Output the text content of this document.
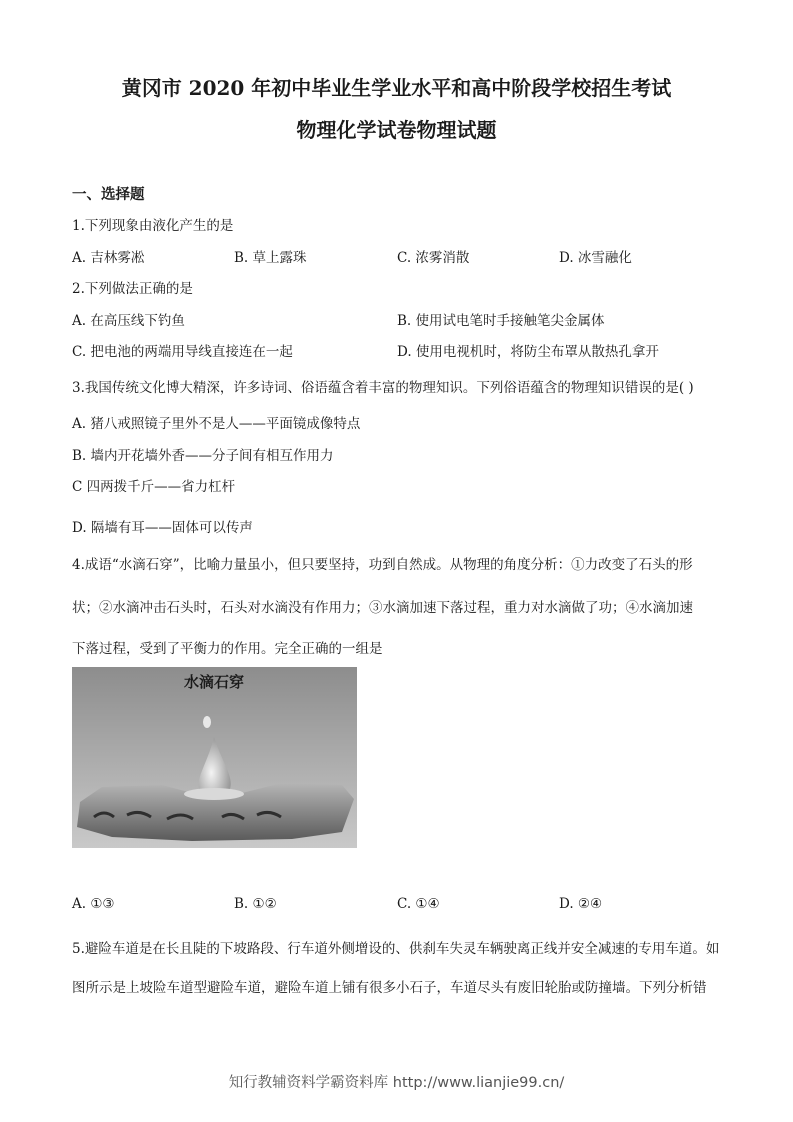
黄冈市 2020 年初中毕业生学业水平和高中阶段学校招生考试
物理化学试卷物理试题
一、选择题
1.下列现象由液化产生的是
A. 吉林雾凇	B. 草上露珠	C. 浓雾消散	D. 冰雪融化
2.下列做法正确的是
A. 在高压线下钓鱼	B. 使用试电笔时手接触笔尖金属体
C. 把电池的两端用导线直接连在一起	D. 使用电视机时，将防尘布罩从散热孔拿开
3.我国传统文化博大精深，许多诗词、俗语蕴含着丰富的物理知识。下列俗语蕴含的物理知识错误的是( )
A. 猪八戒照镜子里外不是人——平面镜成像特点
B. 墙内开花墙外香——分子间有相互作用力
C 四两拨千斤——省力杠杆
D. 隔墙有耳——固体可以传声
4.成语“水滴石穿”，比喻力量虽小，但只要坚持，功到自然成。从物理的角度分析：①力改变了石头的形
状；②水滴冲击石头时，石头对水滴没有作用力；③水滴加速下落过程，重力对水滴做了功；④水滴加速
下落过程，受到了平衡力的作用。完全正确的一组是
水滴石穿
A. ①③	B. ①②	C. ①④	D. ②④
5.避险车道是在长且陡的下坡路段、行车道外侧增设的、供刹车失灵车辆驶离正线并安全减速的专用车道。如
图所示是上坡险车道型避险车道，避险车道上铺有很多小石子，车道尽头有废旧轮胎或防撞墙。下列分析错
知行教辅资料学霸资料库 http://www.lianjie99.cn/
